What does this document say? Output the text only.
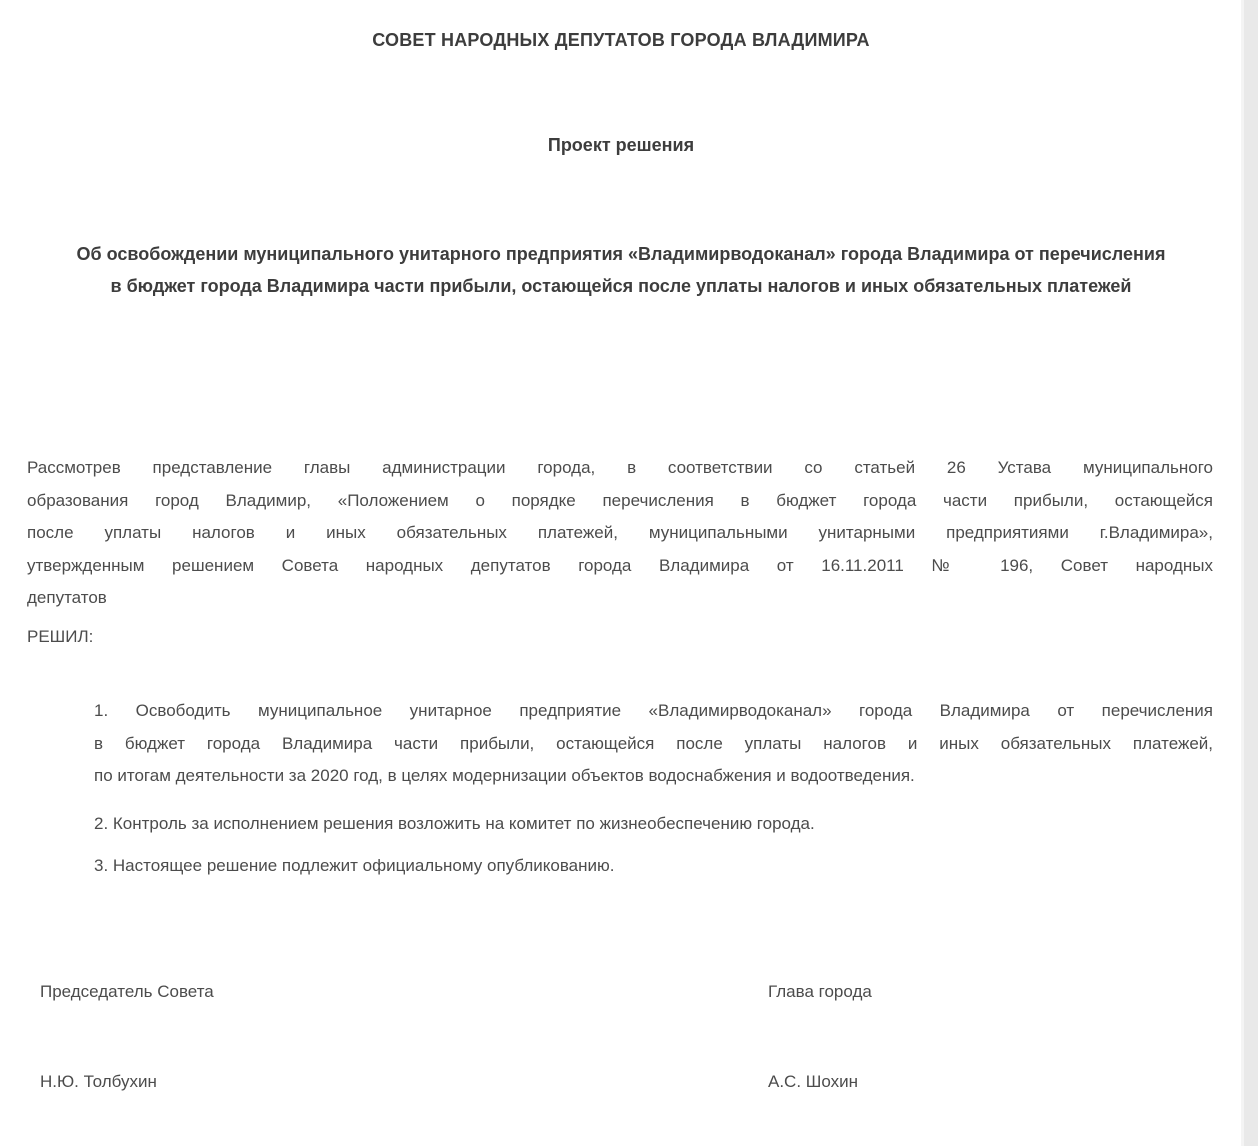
СОВЕТ НАРОДНЫХ ДЕПУТАТОВ ГОРОДА ВЛАДИМИРА
Проект решения
Об освобождении муниципального унитарного предприятия «Владимирводоканал» города Владимира от перечисления
в бюджет города Владимира части прибыли, остающейся после уплаты налогов и иных обязательных платежей
Рассмотрев представление главы администрации города, в соответствии со статьей 26 Устава муниципального
образования город Владимир, «Положением о порядке перечисления в бюджет города части прибыли, остающейся
после уплаты налогов и иных обязательных платежей, муниципальными унитарными предприятиями г.Владимира»,
утвержденным решением Совета народных депутатов города Владимира от 16.11.2011 № 196, Совет народных
депутатов
РЕШИЛ:
1. Освободить муниципальное унитарное предприятие «Владимирводоканал» города Владимира от перечисления
в бюджет города Владимира части прибыли, остающейся после уплаты налогов и иных обязательных платежей,
по итогам деятельности за 2020 год, в целях модернизации объектов водоснабжения и водоотведения.
2. Контроль за исполнением решения возложить на комитет по жизнеобеспечению города.
3. Настоящее решение подлежит официальному опубликованию.
Председатель Совета	Глава города
Н.Ю. Толбухин	А.С. Шохин
